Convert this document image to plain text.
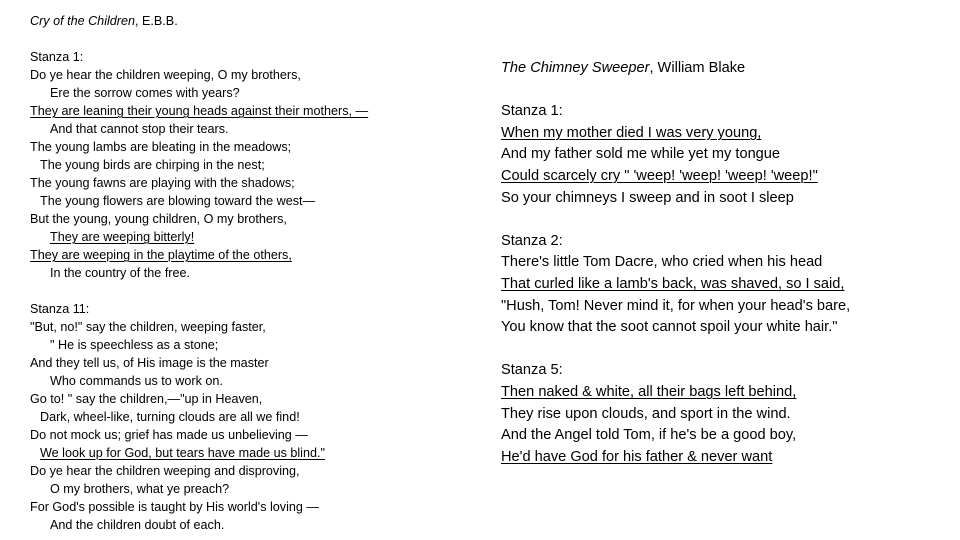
Cry of the Children, E.B.B.
Stanza 1:
Do ye hear the children weeping, O my brothers,
Ere the sorrow comes with years?
They are leaning their young heads against their mothers, —
And that cannot stop their tears.
The young lambs are bleating in the meadows;
The young birds are chirping in the nest;
The young fawns are playing with the shadows;
The young flowers are blowing toward the west—
But the young, young children, O my brothers,
They are weeping bitterly!
They are weeping in the playtime of the others,
In the country of the free.
Stanza 11:
"But, no!" say the children, weeping faster,
" He is speechless as a stone;
And they tell us, of His image is the master
Who commands us to work on.
Go to! " say the children,—"up in Heaven,
Dark, wheel-like, turning clouds are all we find!
Do not mock us; grief has made us unbelieving —
We look up for God, but tears have made us blind."
Do ye hear the children weeping and disproving,
O my brothers, what ye preach?
For God's possible is taught by His world's loving —
And the children doubt of each.
The Chimney Sweeper, William Blake
Stanza 1:
When my mother died I was very young,
And my father sold me while yet my tongue
Could scarcely cry " 'weep! 'weep! 'weep! 'weep!"
So your chimneys I sweep and in soot I sleep
Stanza 2:
There's little Tom Dacre, who cried when his head
That curled like a lamb's back, was shaved, so I said,
"Hush, Tom! Never mind it, for when your head's bare,
You know that the soot cannot spoil your white hair."
Stanza 5:
Then naked & white, all their bags left behind,
They rise upon clouds, and sport in the wind.
And the Angel told Tom, if he's be a good boy,
He'd have God for his father & never want
